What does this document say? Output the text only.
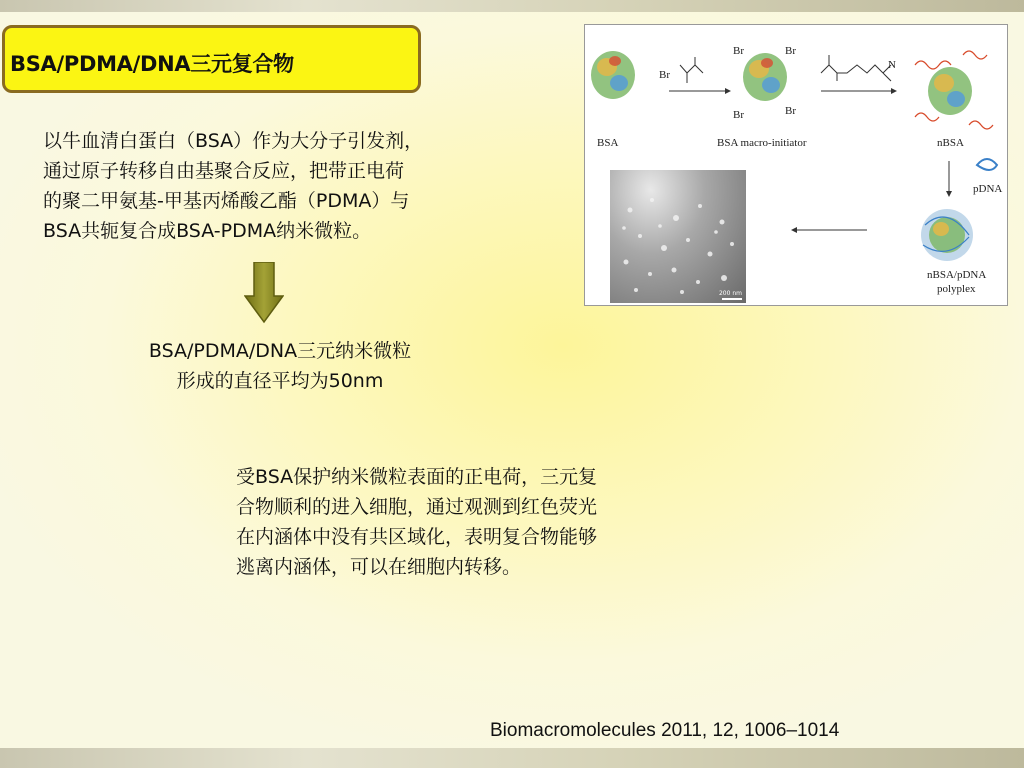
BSA/PDMA/DNA三元复合物
以牛血清白蛋白（BSA）作为大分子引发剂，
通过原子转移自由基聚合反应，把带正电荷
的聚二甲氨基-甲基丙烯酸乙酯（PDMA）与
BSA共轭复合成BSA-PDMA纳米微粒。
BSA/PDMA/DNA三元纳米微粒
形成的直径平均为50nm
受BSA保护纳米微粒表面的正电荷，三元复
合物顺利的进入细胞，通过观测到红色荧光
在内涵体中没有共区域化，表明复合物能够
逃离内涵体，可以在细胞内转移。
Biomacromolecules 2011, 12, 1006–1014
Br
Br	Br
Br	Br
N
BSA	BSA macro-initiator	nBSA
pDNA
nBSA/pDNA
polyplex
200 nm
